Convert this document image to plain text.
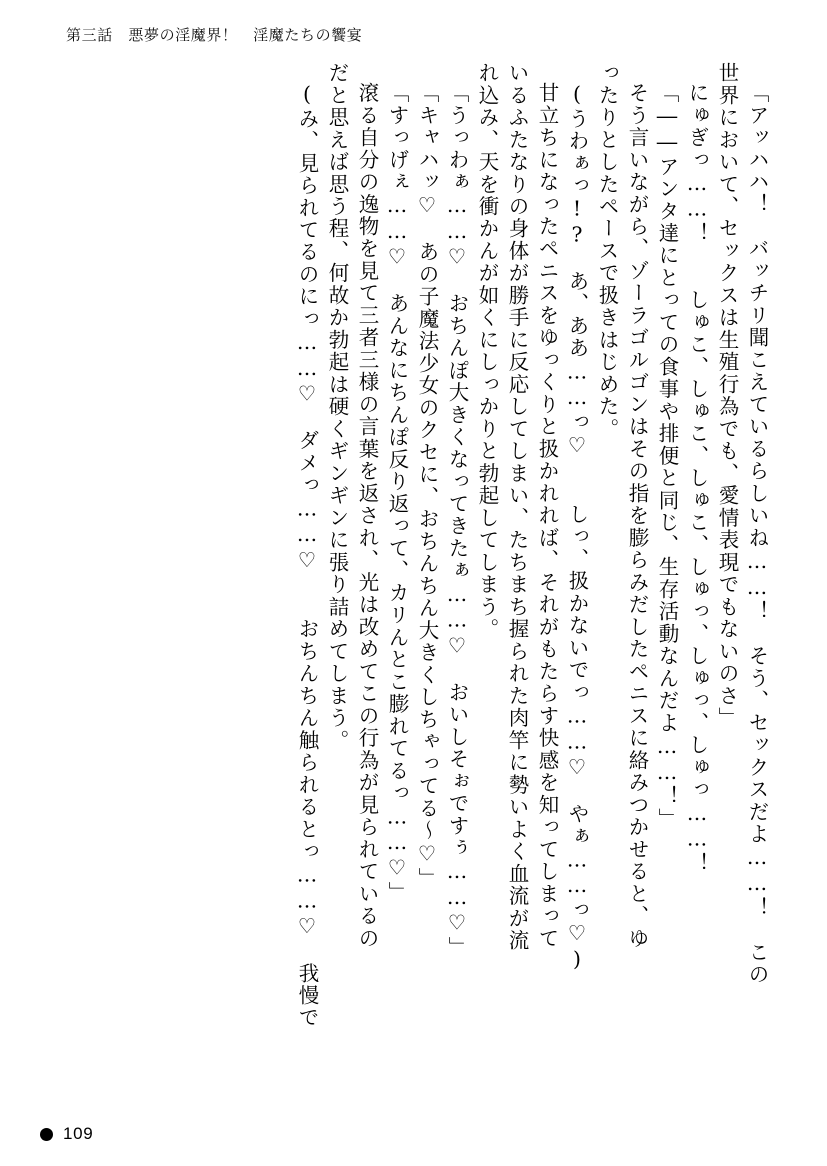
第三話　悪夢の淫魔界！　淫魔たちの饗宴
「アッハハ！　バッチリ聞こえているらしいね……！　そう、セックスだよ……！　この
世界において、セックスは生殖行為でも、愛情表現でもないのさ」
にゅぎっ……！　　しゅこ、しゅこ、しゅこ、しゅっ、しゅっ、しゅっ……！
「――アンタ達にとっての食事や排便と同じ、生存活動なんだよ……！」
そう言いながら、ゾーラゴルゴンはその指を膨らみだしたペニスに絡みつかせると、ゆ
ったりとしたペースで扱きはじめた。
(うわぁっ!?　あ、ああ……っ♡　　しっ、扱かないでっ……♡　やぁ……っ♡)
甘立ちになったペニスをゆっくりと扱かれれば、それがもたらす快感を知ってしまって
いるふたなりの身体が勝手に反応してしまい、たちまち握られた肉竿に勢いよく血流が流
れ込み、天を衝かんが如くにしっかりと勃起してしまう。
「うっわぁ……♡　おちんぽ大きくなってきたぁ……♡　おいしそぉですぅ……♡」
「キャハッ♡　あの子魔法少女のクセに、おちんちん大きくしちゃってる〜♡」
「すっげぇ……♡　あんなにちんぽ反り返って、カリんとこ膨れてるっ……♡」
滾る自分の逸物を見て三者三様の言葉を返され、光は改めてこの行為が見られているの
だと思えば思う程、何故か勃起は硬くギンギンに張り詰めてしまう。
(み、見られてるのにっ……♡　ダメっ……♡　　おちんちん触られるとっ……♡　我慢で
109
